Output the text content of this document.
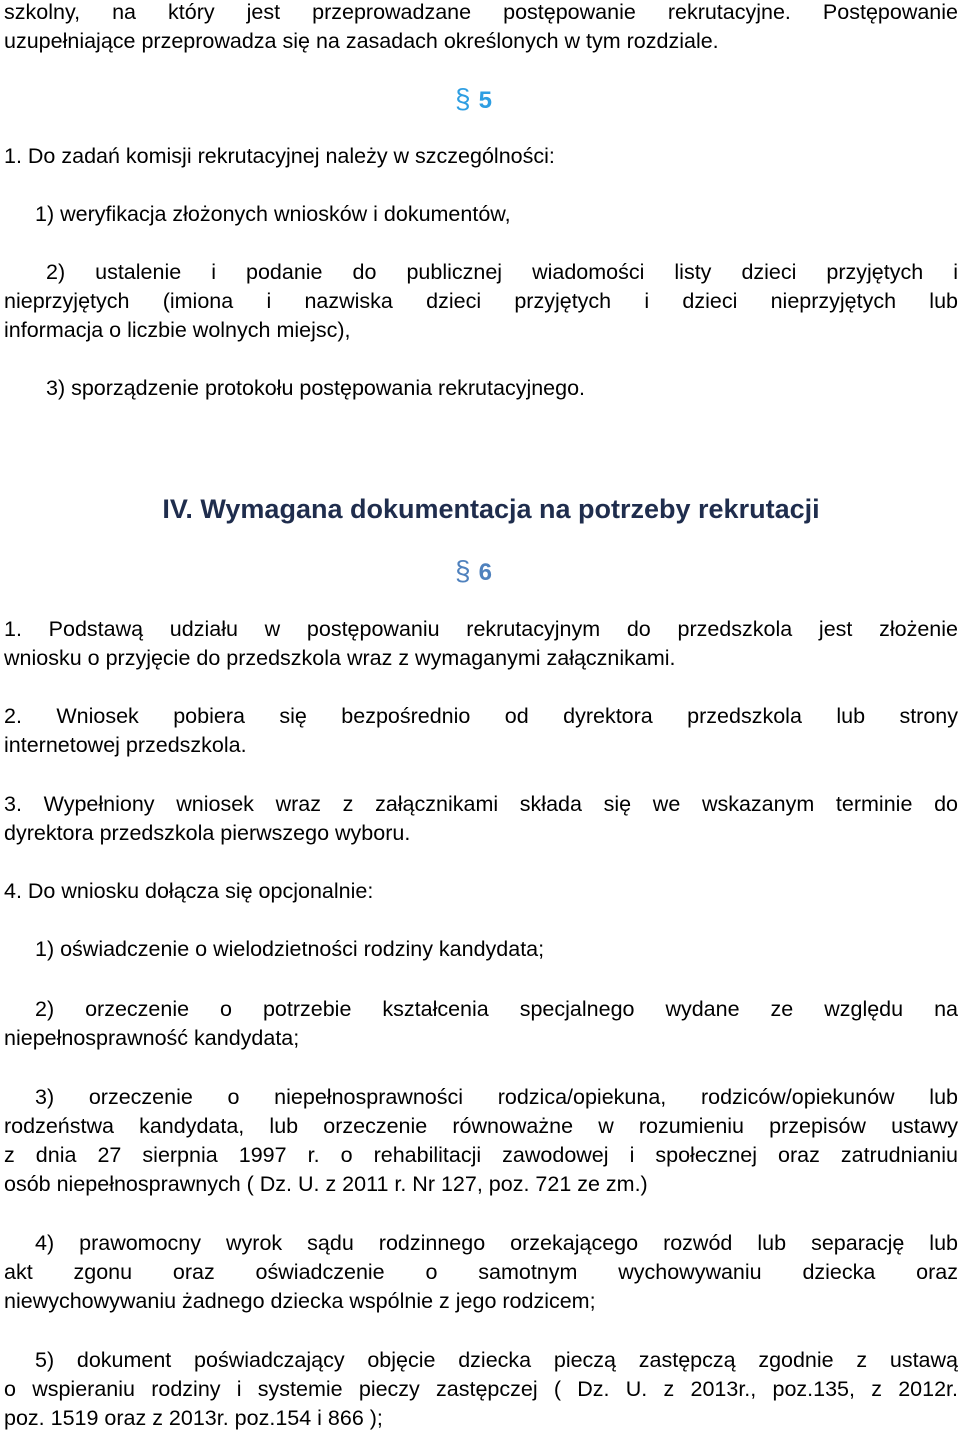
szkolny, na który jest przeprowadzane postępowanie rekrutacyjne. Postępowanie
uzupełniające przeprowadza się na zasadach określonych w tym rozdziale.
§ 5
1. Do zadań komisji rekrutacyjnej należy w szczególności:
1) weryfikacja złożonych wniosków i dokumentów,
2) ustalenie i podanie do publicznej wiadomości listy dzieci przyjętych i
nieprzyjętych (imiona i nazwiska dzieci przyjętych i dzieci nieprzyjętych lub
informacja o liczbie wolnych miejsc),
3) sporządzenie protokołu postępowania rekrutacyjnego.
IV. Wymagana dokumentacja na potrzeby rekrutacji
§ 6
1. Podstawą udziału w postępowaniu rekrutacyjnym do przedszkola jest złożenie
wniosku o przyjęcie do przedszkola wraz z wymaganymi załącznikami.
2. Wniosek pobiera się bezpośrednio od dyrektora przedszkola lub strony
internetowej przedszkola.
3. Wypełniony wniosek wraz z załącznikami składa się we wskazanym terminie do
dyrektora przedszkola pierwszego wyboru.
4. Do wniosku dołącza się opcjonalnie:
1) oświadczenie o wielodzietności rodziny kandydata;
2) orzeczenie o potrzebie kształcenia specjalnego wydane ze względu na
niepełnosprawność kandydata;
3) orzeczenie o niepełnosprawności rodzica/opiekuna, rodziców/opiekunów lub
rodzeństwa kandydata, lub orzeczenie równoważne w rozumieniu przepisów ustawy
z dnia 27 sierpnia 1997 r. o rehabilitacji zawodowej i społecznej oraz zatrudnianiu
osób niepełnosprawnych ( Dz. U. z 2011 r. Nr 127, poz. 721 ze zm.)
4) prawomocny wyrok sądu rodzinnego orzekającego rozwód lub separację lub
akt zgonu oraz oświadczenie o samotnym wychowywaniu dziecka oraz
niewychowywaniu żadnego dziecka wspólnie z jego rodzicem;
5) dokument poświadczający objęcie dziecka pieczą zastępczą zgodnie z ustawą
o wspieraniu rodziny i systemie pieczy zastępczej ( Dz. U. z 2013r., poz.135, z 2012r.
poz. 1519 oraz z 2013r. poz.154 i 866 );
